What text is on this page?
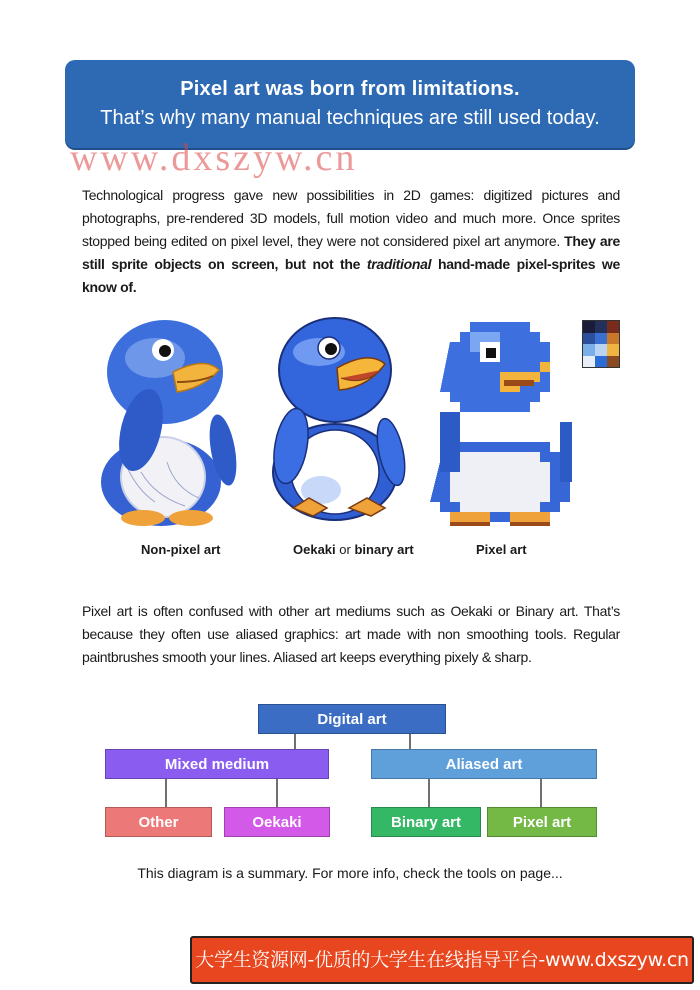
Pixel art was born from limitations.
That’s why many manual techniques are still used today.
www.dxszyw.cn
Technological progress gave new possibilities in 2D games: digitized pictures and photographs, pre-rendered 3D models, full motion video and much more. Once sprites stopped being edited on pixel level, they were not considered pixel art anymore. They are still sprite objects on screen, but not the traditional hand-made pixel-sprites we know of.
Non-pixel art	Oekaki or binary art	Pixel art
Pixel art is often confused with other art mediums such as Oekaki or Binary art. That’s because they often use aliased graphics: art made with non smoothing tools. Regular paintbrushes smooth your lines. Aliased art keeps everything pixely & sharp.
Digital art
Mixed medium	Aliased art
Other	Oekaki	Binary art	Pixel art
This diagram is a summary. For more info, check the tools on page...
大学生资源网-优质的大学生在线指导平台-www.dxszyw.cn
